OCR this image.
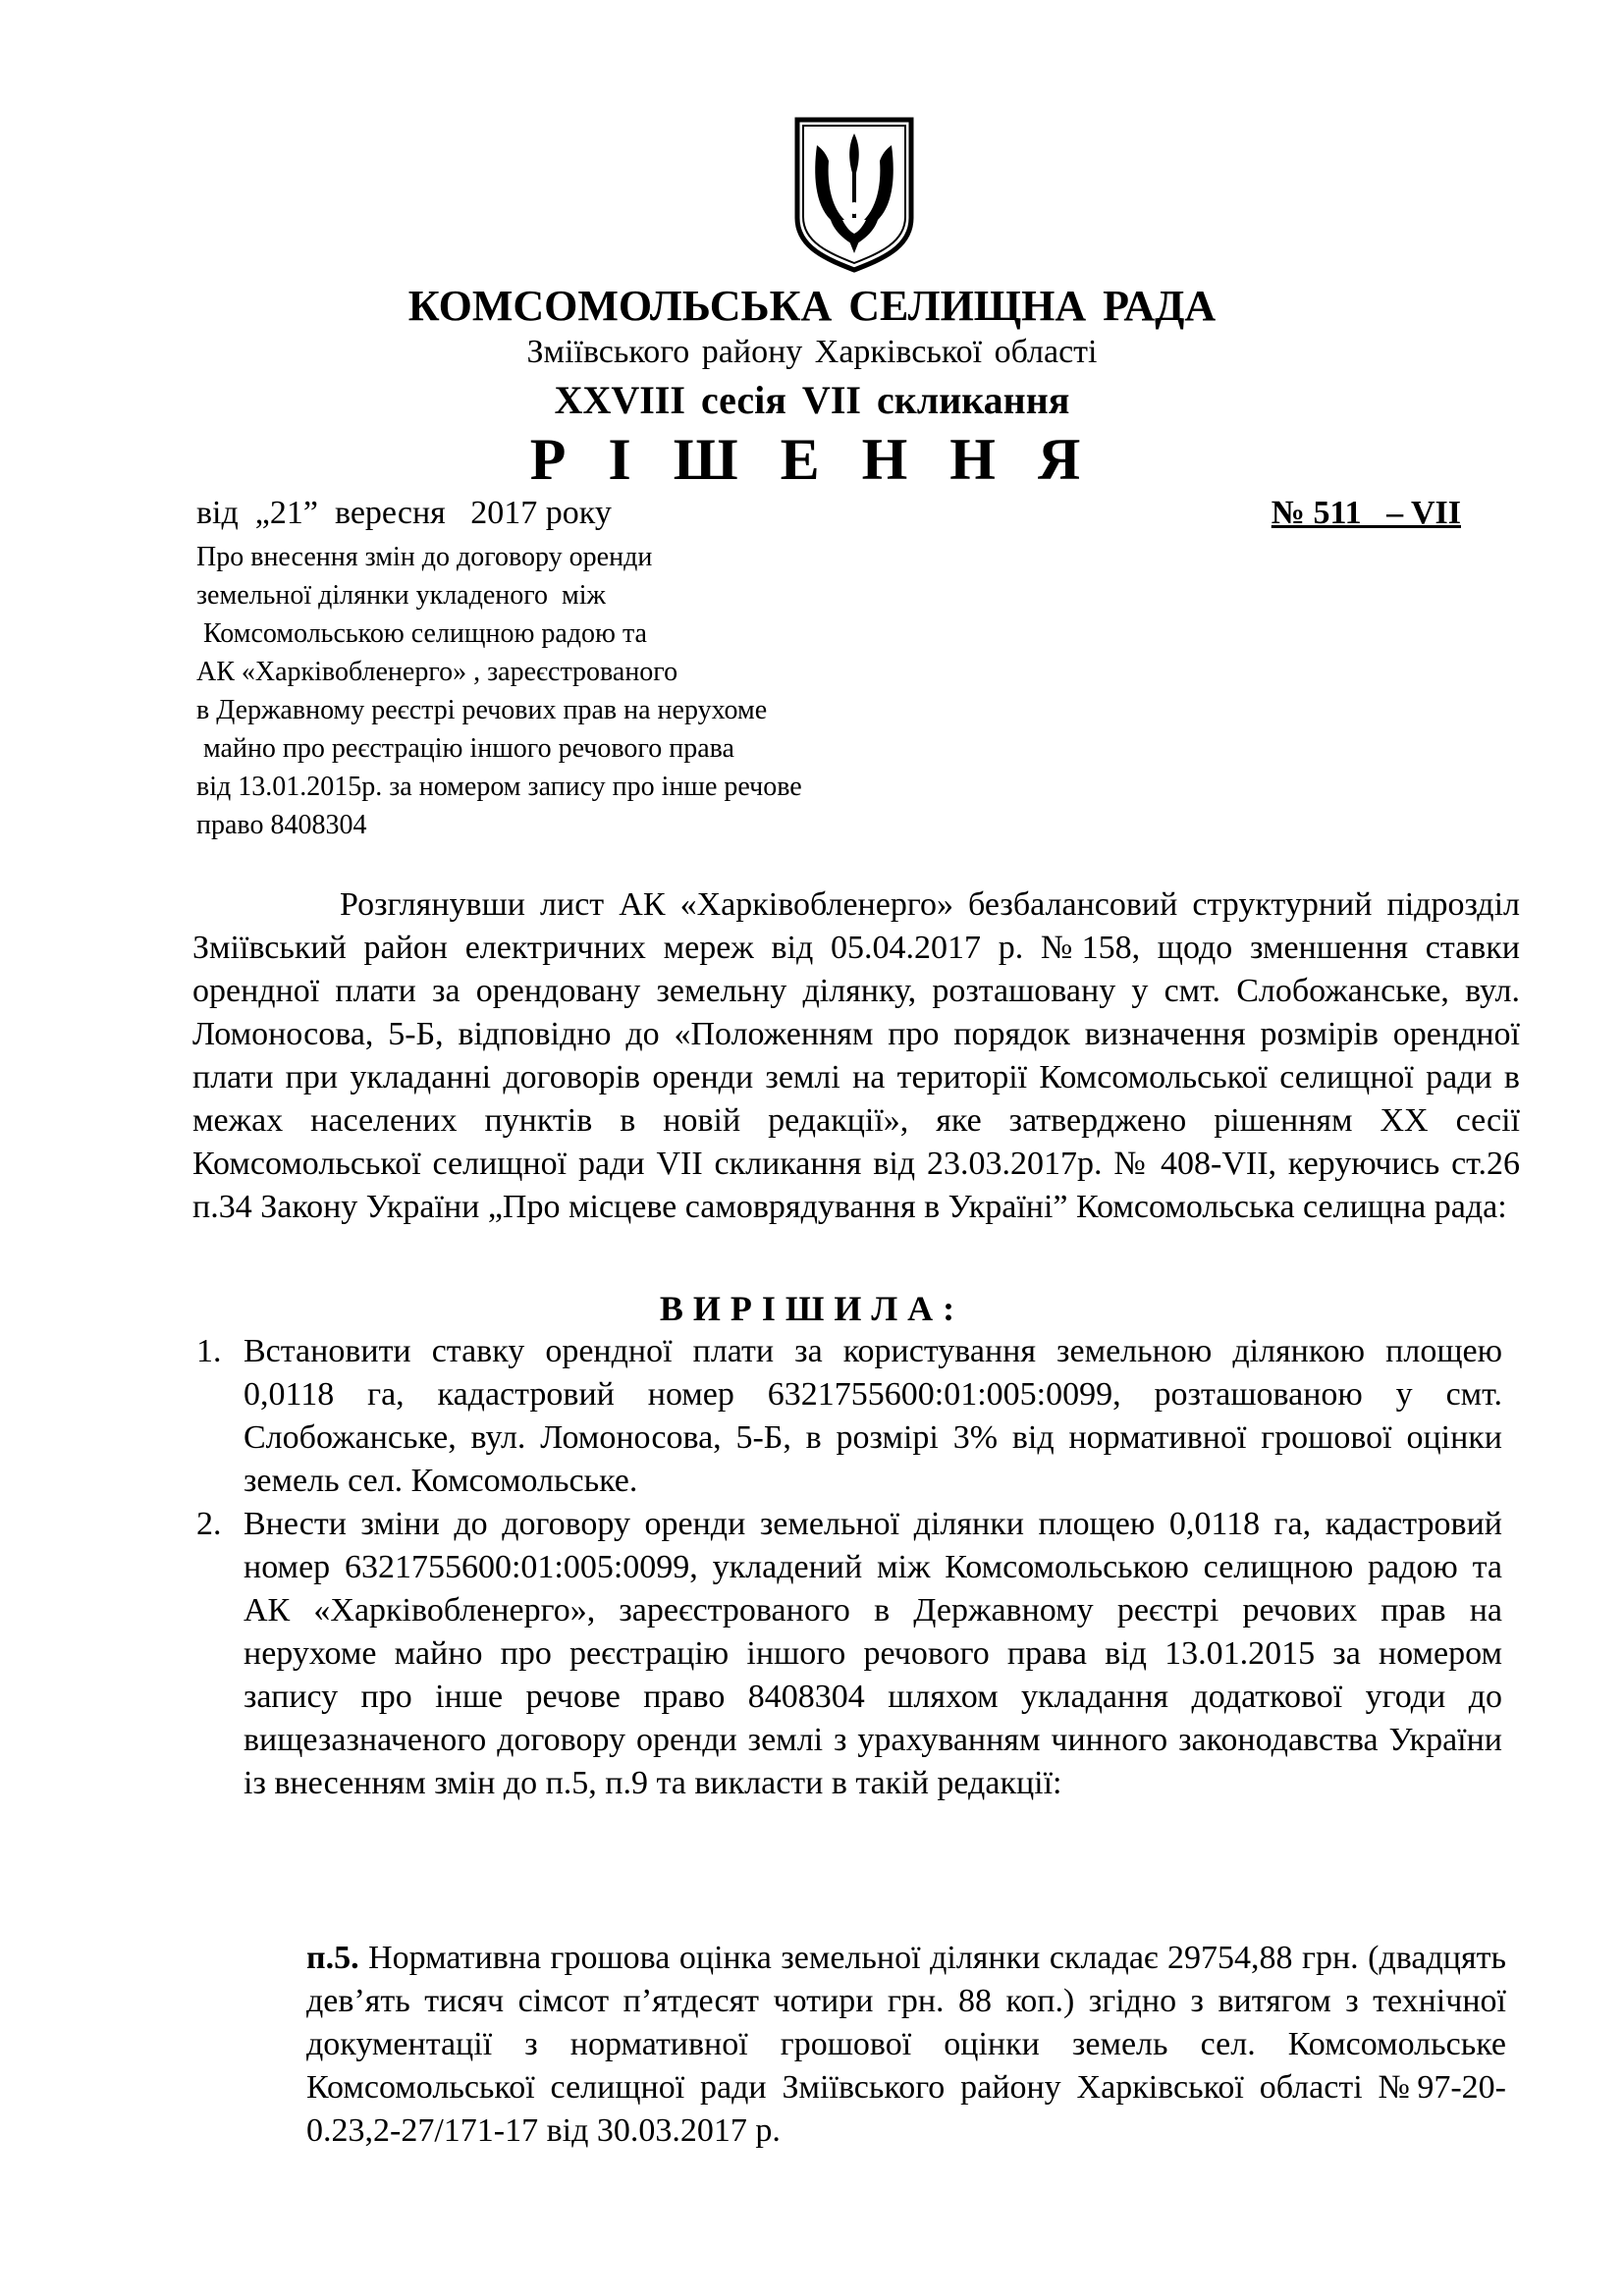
КОМСОМОЛЬСЬКА СЕЛИЩНА РАДА
Зміївського району Харківської області
XXVIII сесія VII скликання
Р І Ш Е Н Н Я
від  „21”  вересня   2017 року	№ 511   – VII
Про внесення змін до договору оренди
земельної ділянки укладеного  між
Комсомольською селищною радою та
АК «Харківобленерго» , зареєстрованого
в Державному реєстрі речових прав на нерухоме
майно про реєстрацію іншого речового права
від 13.01.2015р. за номером запису про інше речове
право 8408304
Розглянувши лист АК «Харківобленерго» безбалансовий структурний підрозділ Зміївський район електричних мереж від 05.04.2017 р. №158, щодо зменшення ставки орендної плати за орендовану земельну ділянку, розташовану у смт. Слобожанське, вул. Ломоносова, 5-Б, відповідно до «Положенням про порядок визначення розмірів орендної плати при укладанні договорів оренди землі на території Комсомольської селищної ради в межах населених пунктів в новій редакції», яке затверджено рішенням ХХ сесії Комсомольської селищної ради VII скликання від 23.03.2017р. № 408-VII, керуючись ст.26 п.34 Закону України „Про місцеве самоврядування в Україні” Комсомольська селищна рада:
ВИРІШИЛА:
1. Встановити ставку орендної плати за користування земельною ділянкою площею 0,0118 га, кадастровий номер 6321755600:01:005:0099, розташованою у смт. Слобожанське, вул. Ломоносова, 5-Б, в розмірі 3% від нормативної грошової оцінки земель сел. Комсомольське.
2. Внести зміни до договору оренди земельної ділянки площею 0,0118 га, кадастровий номер 6321755600:01:005:0099, укладений між Комсомольською селищною радою та АК «Харківобленерго», зареєстрованого в Державному реєстрі речових прав на нерухоме майно про реєстрацію іншого речового права від 13.01.2015 за номером запису про інше речове право 8408304 шляхом укладання додаткової угоди до вищезазначеного договору оренди землі з урахуванням чинного законодавства України із внесенням змін до п.5, п.9 та викласти в такій редакції:
п.5. Нормативна грошова оцінка земельної ділянки складає 29754,88 грн. (двадцять дев’ять тисяч сімсот п’ятдесят чотири грн. 88 коп.) згідно з витягом з технічної документації з нормативної грошової оцінки земель сел. Комсомольське Комсомольської селищної ради Зміївського району Харківської області №97-20-0.23,2-27/171-17 від 30.03.2017 р.
